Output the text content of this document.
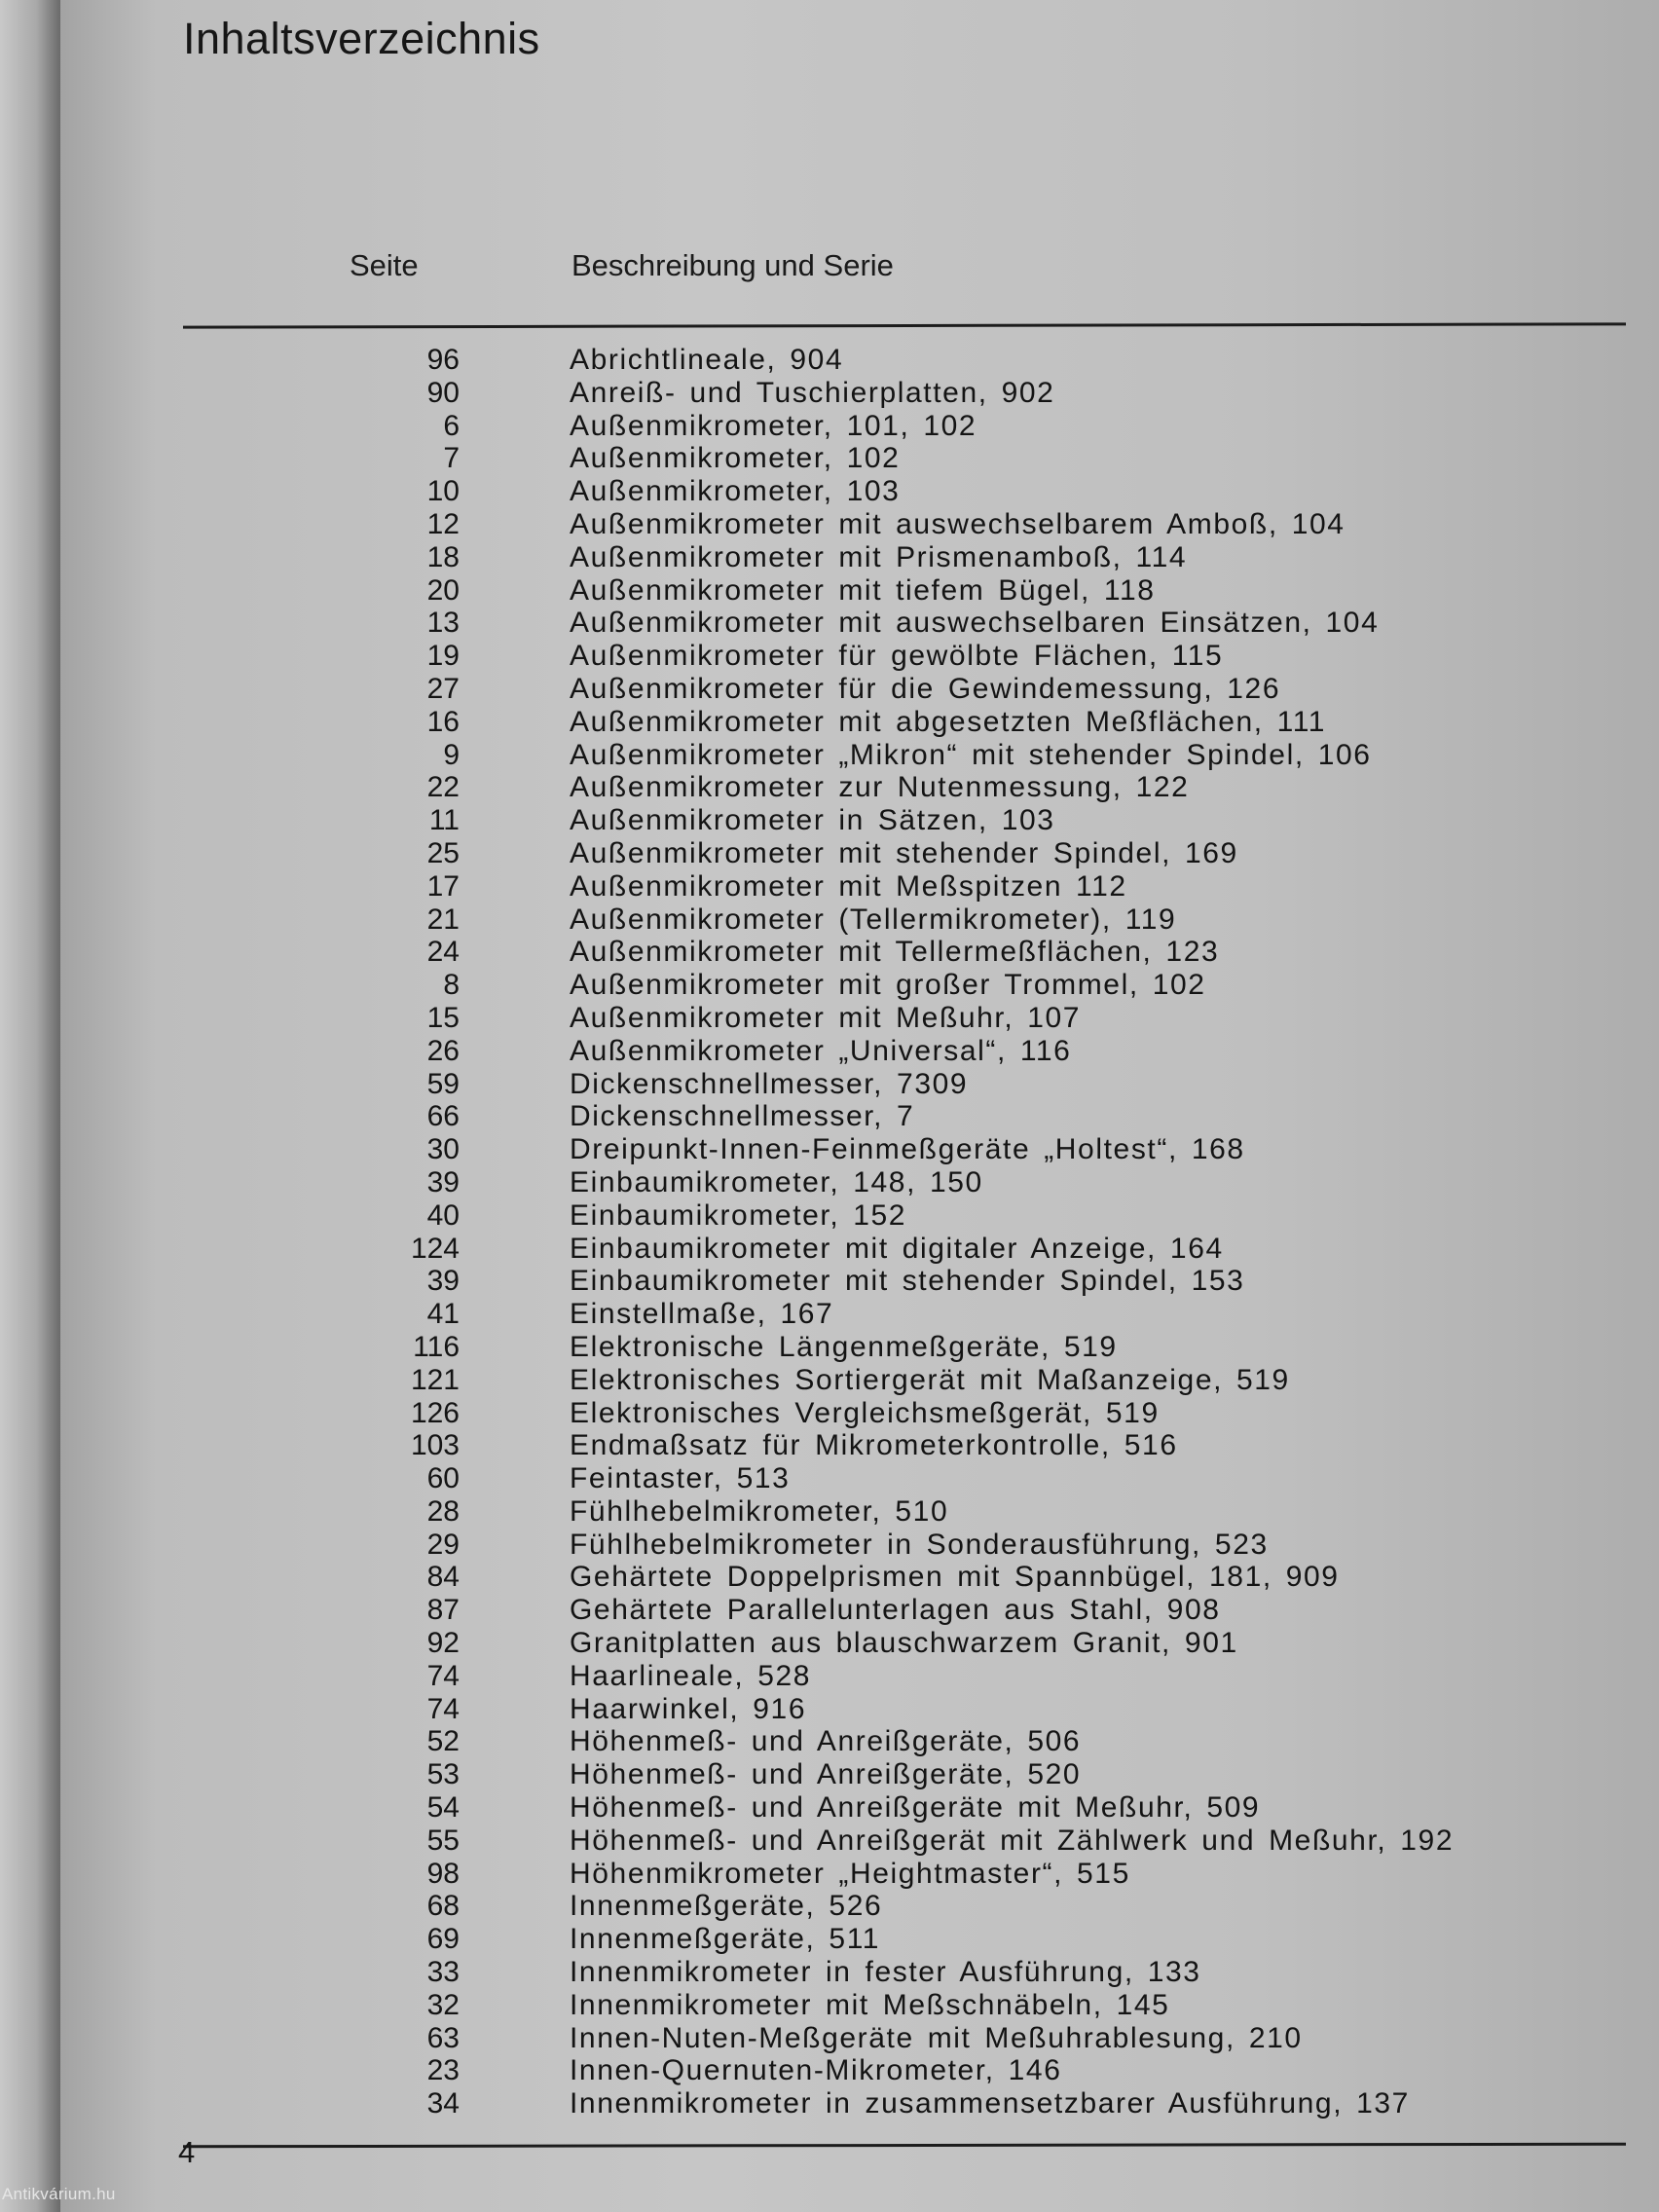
Inhaltsverzeichnis
Seite	Beschreibung und Serie
96	Abrichtlineale, 904
90	Anreiß- und Tuschierplatten, 902
6	Außenmikrometer, 101, 102
7	Außenmikrometer, 102
10	Außenmikrometer, 103
12	Außenmikrometer mit auswechselbarem Amboß, 104
18	Außenmikrometer mit Prismenamboß, 114
20	Außenmikrometer mit tiefem Bügel, 118
13	Außenmikrometer mit auswechselbaren Einsätzen, 104
19	Außenmikrometer für gewölbte Flächen, 115
27	Außenmikrometer für die Gewindemessung, 126
16	Außenmikrometer mit abgesetzten Meßflächen, 111
9	Außenmikrometer „Mikron“ mit stehender Spindel, 106
22	Außenmikrometer zur Nutenmessung, 122
11	Außenmikrometer in Sätzen, 103
25	Außenmikrometer mit stehender Spindel, 169
17	Außenmikrometer mit Meßspitzen 112
21	Außenmikrometer (Tellermikrometer), 119
24	Außenmikrometer mit Tellermeßflächen, 123
8	Außenmikrometer mit großer Trommel, 102
15	Außenmikrometer mit Meßuhr, 107
26	Außenmikrometer „Universal“, 116
59	Dickenschnellmesser, 7309
66	Dickenschnellmesser, 7
30	Dreipunkt-Innen-Feinmeßgeräte „Holtest“, 168
39	Einbaumikrometer, 148, 150
40	Einbaumikrometer, 152
124	Einbaumikrometer mit digitaler Anzeige, 164
39	Einbaumikrometer mit stehender Spindel, 153
41	Einstellmaße, 167
116	Elektronische Längenmeßgeräte, 519
121	Elektronisches Sortiergerät mit Maßanzeige, 519
126	Elektronisches Vergleichsmeßgerät, 519
103	Endmaßsatz für Mikrometerkontrolle, 516
60	Feintaster, 513
28	Fühlhebelmikrometer, 510
29	Fühlhebelmikrometer in Sonderausführung, 523
84	Gehärtete Doppelprismen mit Spannbügel, 181, 909
87	Gehärtete Parallelunterlagen aus Stahl, 908
92	Granitplatten aus blauschwarzem Granit, 901
74	Haarlineale, 528
74	Haarwinkel, 916
52	Höhenmeß- und Anreißgeräte, 506
53	Höhenmeß- und Anreißgeräte, 520
54	Höhenmeß- und Anreißgeräte mit Meßuhr, 509
55	Höhenmeß- und Anreißgerät mit Zählwerk und Meßuhr, 192
98	Höhenmikrometer „Heightmaster“, 515
68	Innenmeßgeräte, 526
69	Innenmeßgeräte, 511
33	Innenmikrometer in fester Ausführung, 133
32	Innenmikrometer mit Meßschnäbeln, 145
63	Innen-Nuten-Meßgeräte mit Meßuhrablesung, 210
23	Innen-Quernuten-Mikrometer, 146
34	Innenmikrometer in zusammensetzbarer Ausführung, 137
4
Antikvárium.hu
